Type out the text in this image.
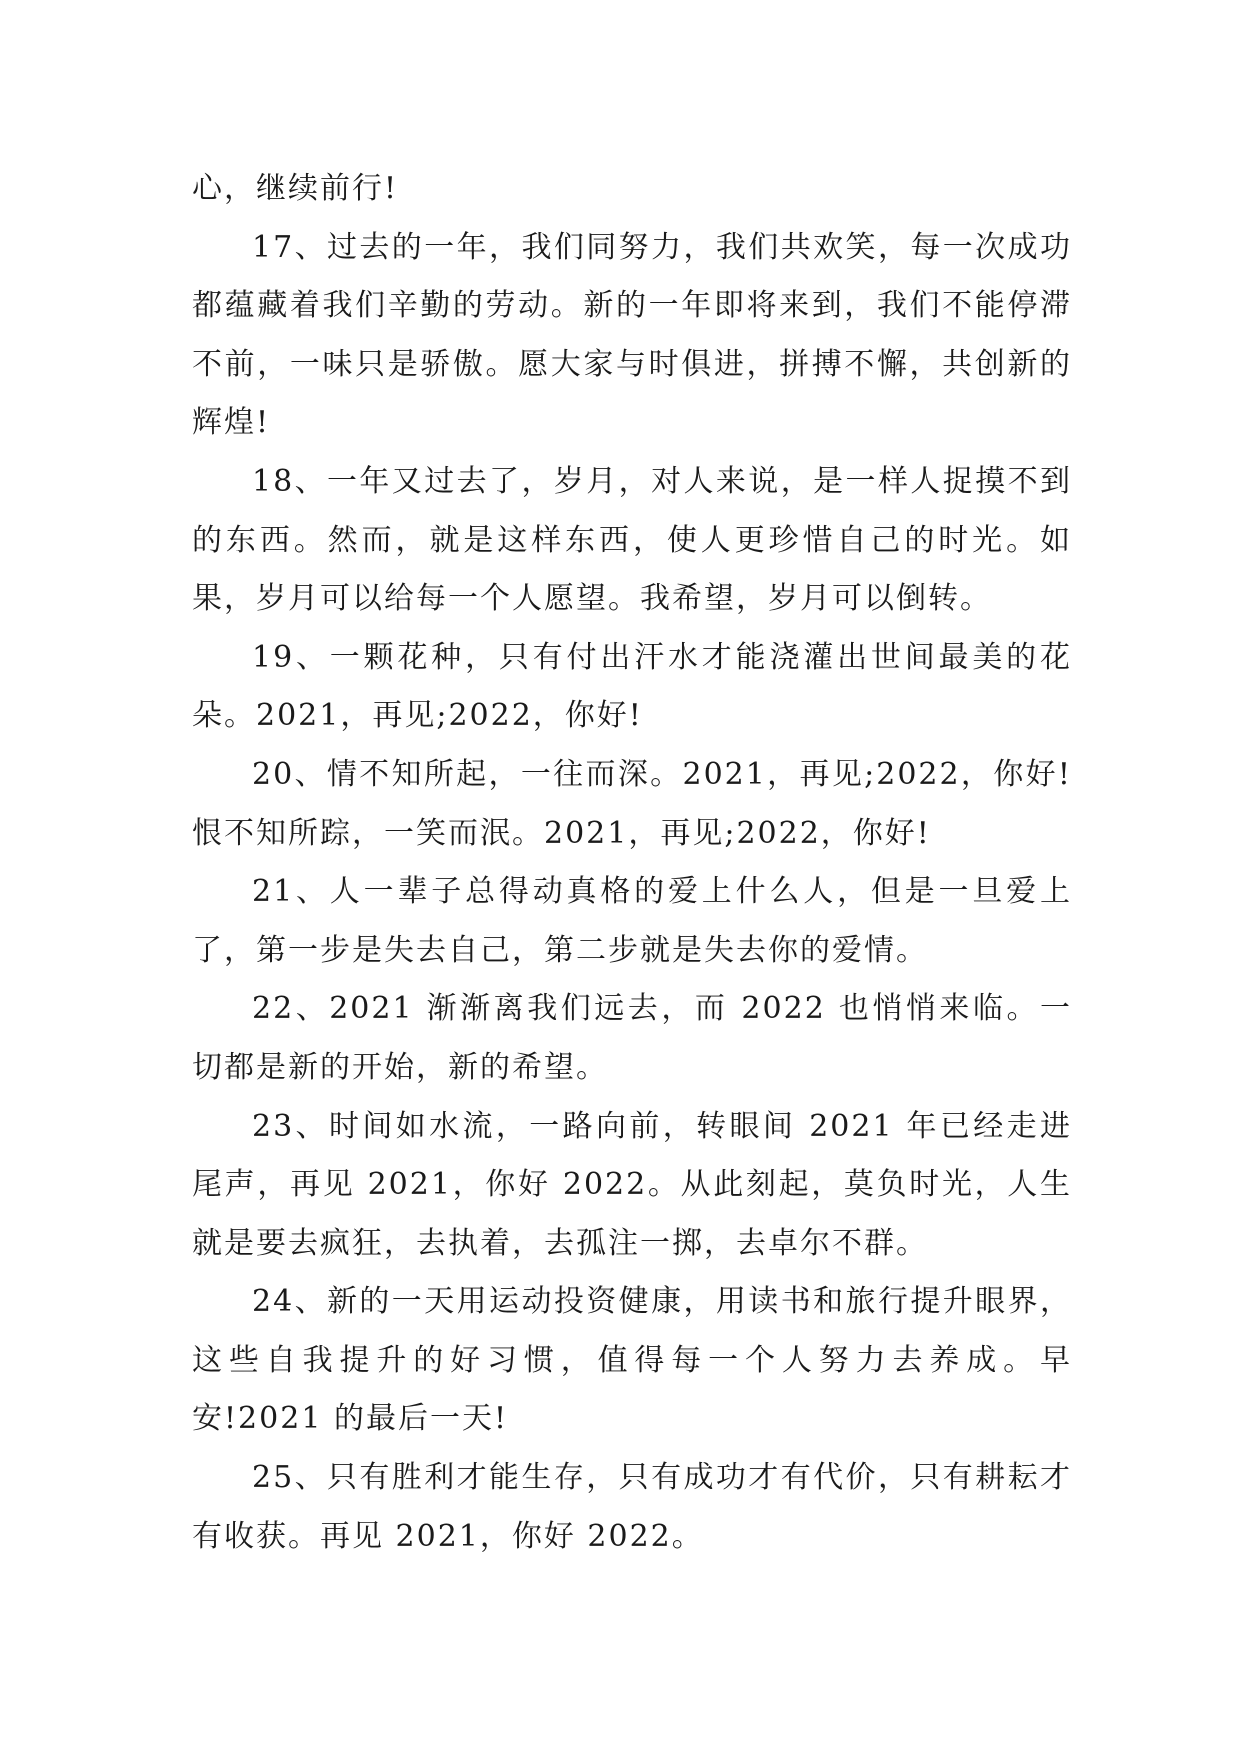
心，继续前行!

17、过去的一年，我们同努力，我们共欢笑，每一次成功都蕴藏着我们辛勤的劳动。新的一年即将来到，我们不能停滞不前，一味只是骄傲。愿大家与时俱进，拼搏不懈，共创新的辉煌!

18、一年又过去了，岁月，对人来说，是一样人捉摸不到的东西。然而，就是这样东西，使人更珍惜自己的时光。如果，岁月可以给每一个人愿望。我希望，岁月可以倒转。

19、一颗花种，只有付出汗水才能浇灌出世间最美的花朵。2021，再见;2022，你好!

20、情不知所起，一往而深。2021，再见;2022，你好!恨不知所踪，一笑而泯。2021，再见;2022，你好!

21、人一辈子总得动真格的爱上什么人，但是一旦爱上了，第一步是失去自己，第二步就是失去你的爱情。

22、2021 渐渐离我们远去，而 2022 也悄悄来临。一切都是新的开始，新的希望。

23、时间如水流，一路向前，转眼间 2021 年已经走进尾声，再见 2021，你好 2022。从此刻起，莫负时光，人生就是要去疯狂，去执着，去孤注一掷，去卓尔不群。

24、新的一天用运动投资健康，用读书和旅行提升眼界，这些自我提升的好习惯，值得每一个人努力去养成。早安!2021 的最后一天!

25、只有胜利才能生存，只有成功才有代价，只有耕耘才有收获。再见 2021，你好 2022。
